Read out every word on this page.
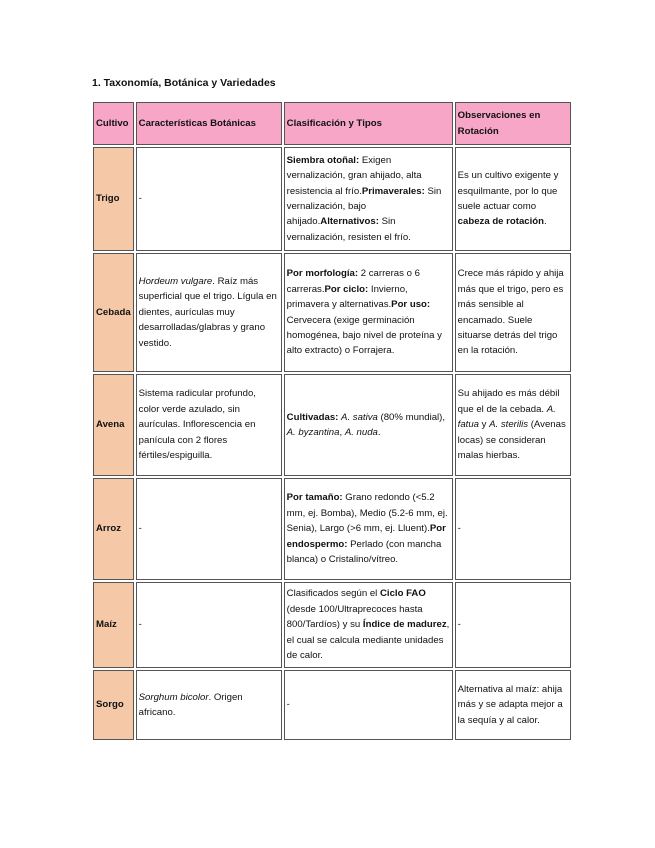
1. Taxonomía, Botánica y Variedades
Cultivo	Características Botánicas	Clasificación y Tipos	Observaciones en Rotación
Trigo	-	Siembra otoñal: Exigen vernalización, gran ahijado, alta resistencia al frío.Primaverales: Sin vernalización, bajo ahijado.Alternativos: Sin vernalización, resisten el frío.	Es un cultivo exigente y esquilmante, por lo que suele actuar como cabeza de rotación.
Cebada	Hordeum vulgare. Raíz más superficial que el trigo. Lígula en dientes, aurículas muy desarrolladas/glabras y grano vestido.	Por morfología: 2 carreras o 6 carreras.Por ciclo: Invierno, primavera y alternativas.Por uso: Cervecera (exige germinación homogénea, bajo nivel de proteína y alto extracto) o Forrajera.	Crece más rápido y ahija más que el trigo, pero es más sensible al encamado. Suele situarse detrás del trigo en la rotación.
Avena	Sistema radicular profundo, color verde azulado, sin aurículas. Inflorescencia en panícula con 2 flores fértiles/espiguilla.	Cultivadas: A. sativa (80% mundial), A. byzantina, A. nuda.	Su ahijado es más débil que el de la cebada. A. fatua y A. sterilis (Avenas locas) se consideran malas hierbas.
Arroz	-	Por tamaño: Grano redondo (<5.2 mm, ej. Bomba), Medio (5.2-6 mm, ej. Senia), Largo (>6 mm, ej. Lluent).Por endospermo: Perlado (con mancha blanca) o Cristalino/vítreo.	-
Maíz	-	Clasificados según el Ciclo FAO (desde 100/Ultraprecoces hasta 800/Tardíos) y su Índice de madurez, el cual se calcula mediante unidades de calor.	-
Sorgo	Sorghum bicolor. Origen africano.	-	Alternativa al maíz: ahija más y se adapta mejor a la sequía y al calor.
